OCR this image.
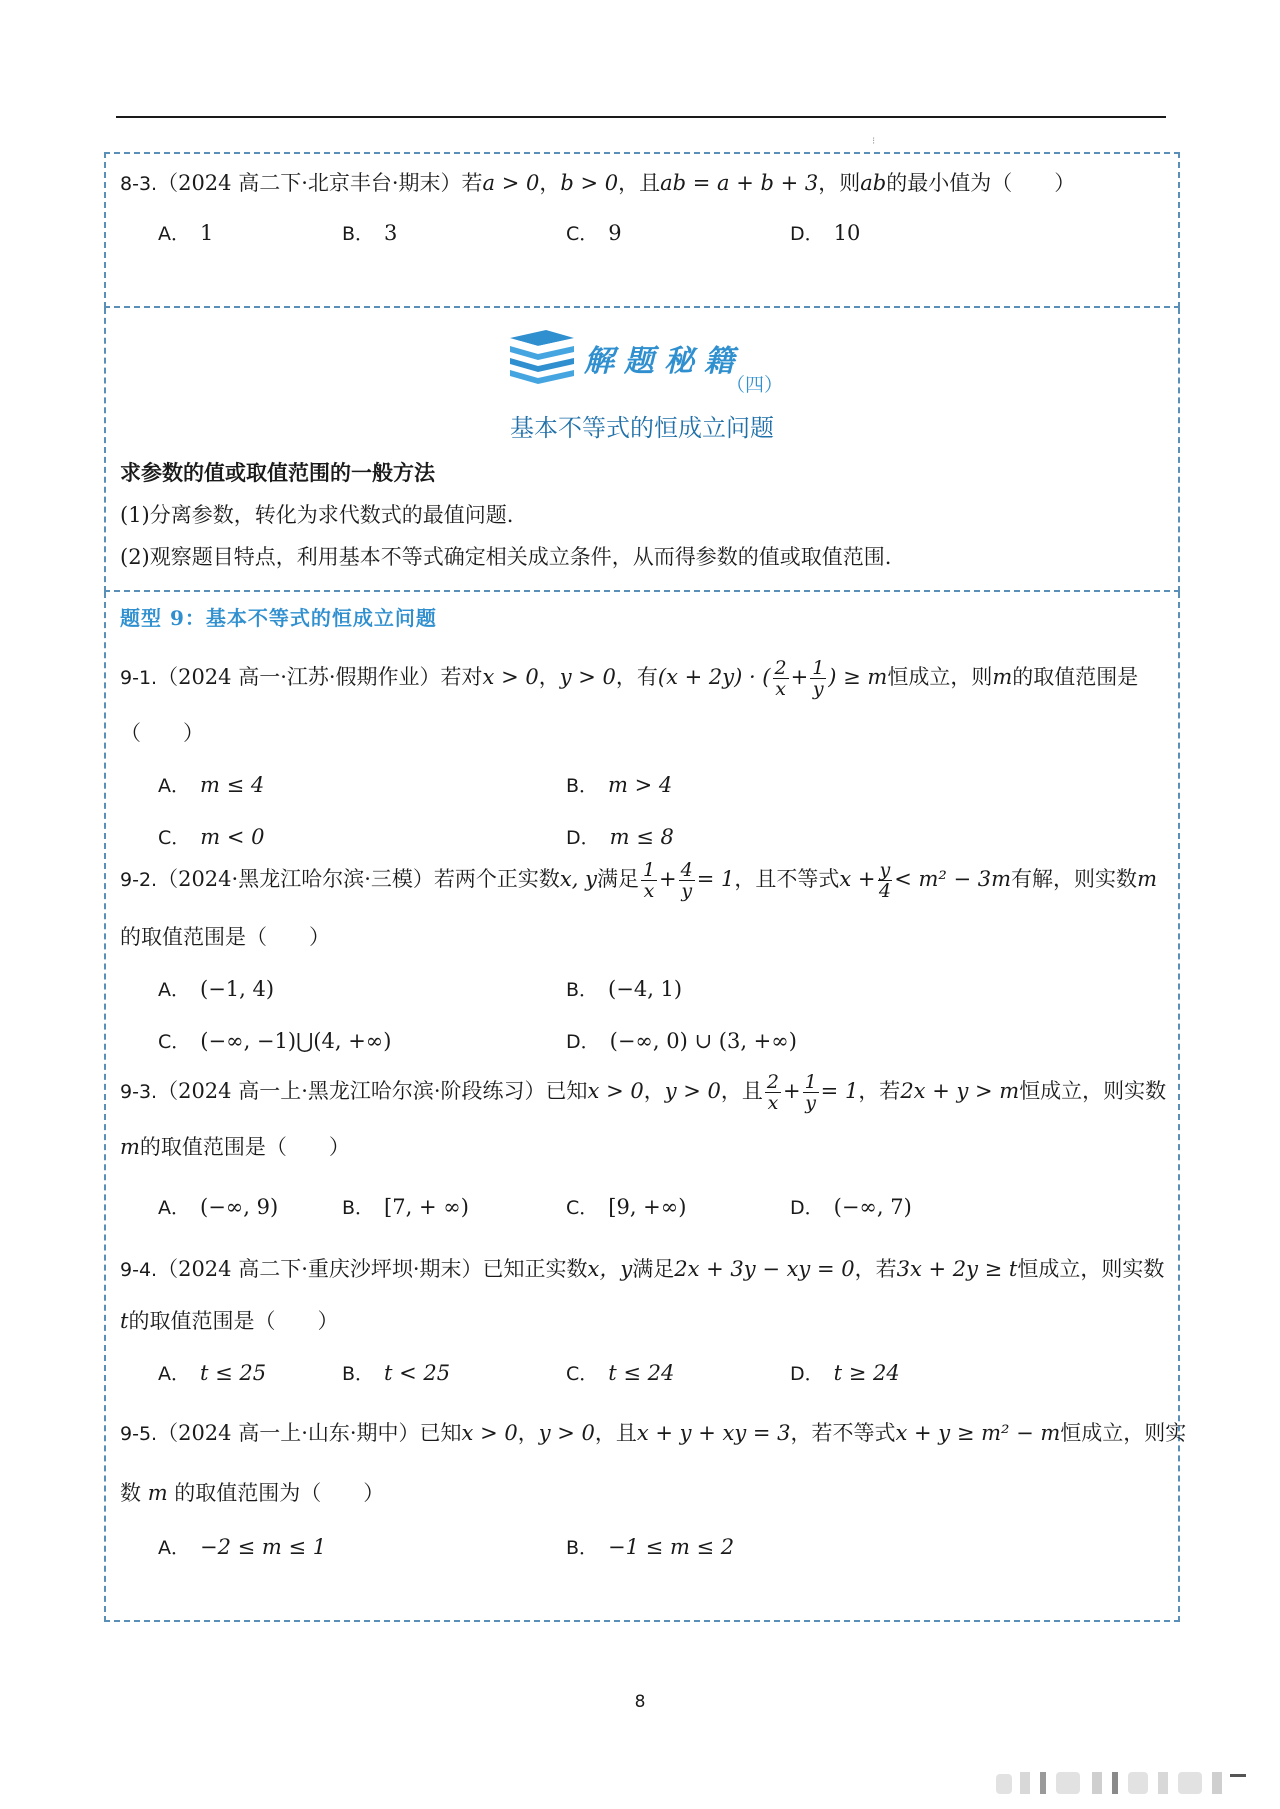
⁝
8-3.（2024 高二下·北京丰台·期末）若a > 0，b > 0，且ab = a + b + 3，则ab的最小值为（　　）
A． 1	B． 3	C． 9	D． 10
解题秘籍
（四）
基本不等式的恒成立问题
求参数的值或取值范围的一般方法
(1)分离参数，转化为求代数式的最值问题.
(2)观察题目特点，利用基本不等式确定相关成立条件，从而得参数的值或取值范围.
题型 9：基本不等式的恒成立问题
9-1.（2024 高一·江苏·假期作业）若对x > 0，y > 0，有(x + 2y) · ( $\frac{2}{x} + \frac{1}{y}$ ) ≥ m恒成立，则m的取值范围是
（　　）
A． m ≤ 4	B． m > 4
C． m < 0	D． m ≤ 8
9-2.（2024·黑龙江哈尔滨·三模）若两个正实数x, y满足 $\frac{1}{x} + \frac{4}{y} = 1$，且不等式$x + \frac{y}{4} < m^2 - 3m$有解，则实数m
的取值范围是（　　）
A． (−1, 4)	B． (−4, 1)
C． (−∞, −1)⋃(4, +∞)	D． (−∞, 0) ∪ (3, +∞)
9-3.（2024 高一上·黑龙江哈尔滨·阶段练习）已知x > 0，y > 0，且 $\frac{2}{x} + \frac{1}{y} = 1$，若2x + y > m恒成立，则实数
m的取值范围是（　　）
A． (−∞, 9)	B． [7, + ∞)	C． [9, +∞)	D． (−∞, 7)
9-4.（2024 高二下·重庆沙坪坝·期末）已知正实数x，y满足2x + 3y − xy = 0，若3x + 2y ≥ t恒成立，则实数
t的取值范围是（　　）
A． t ≤ 25	B． t < 25	C． t ≤ 24	D． t ≥ 24
9-5.（2024 高一上·山东·期中）已知x > 0，y > 0，且x + y + xy = 3，若不等式x + y ≥ m² − m恒成立，则实
数 m 的取值范围为（　　）
A． −2 ≤ m ≤ 1	B． −1 ≤ m ≤ 2
8
